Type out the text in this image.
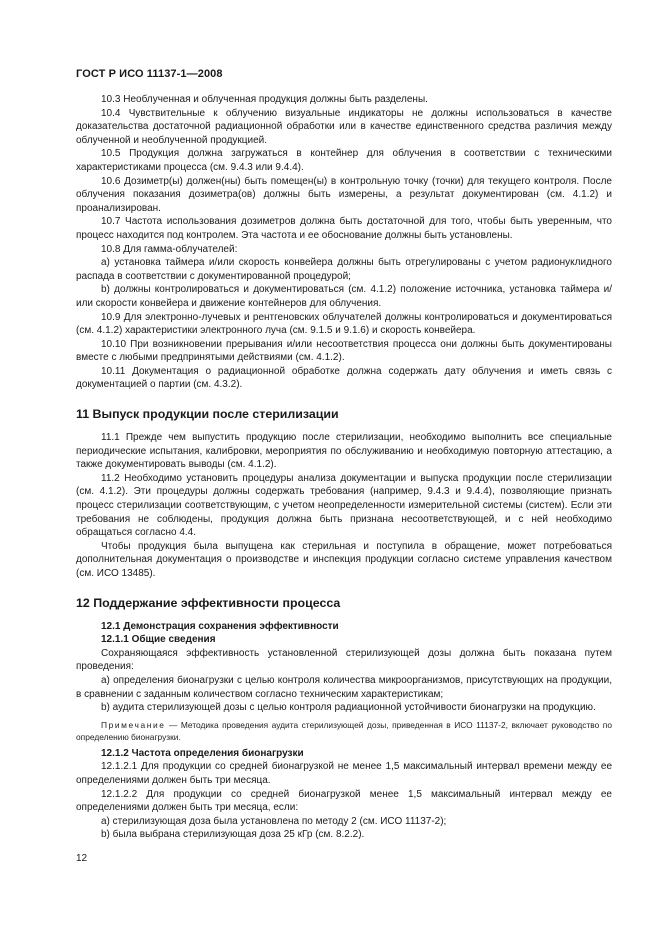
ГОСТ Р ИСО 11137-1—2008

10.3 Необлученная и облученная продукция должны быть разделены.

10.4 Чувствительные к облучению визуальные индикаторы не должны использоваться в качестве доказательства достаточной радиационной обработки или в качестве единственного средства различия между облученной и необлученной продукцией.

10.5 Продукция должна загружаться в контейнер для облучения в соответствии с техническими характеристиками процесса (см. 9.4.3 или 9.4.4).

10.6 Дозиметр(ы) должен(ны) быть помещен(ы) в контрольную точку (точки) для текущего контроля. После облучения показания дозиметра(ов) должны быть измерены, а результат документирован (см. 4.1.2) и проанализирован.

10.7 Частота использования дозиметров должна быть достаточной для того, чтобы быть уверенным, что процесс находится под контролем. Эта частота и ее обоснование должны быть установлены.

10.8 Для гамма-облучателей:

a) установка таймера и/или скорость конвейера должны быть отрегулированы с учетом радионуклидного распада в соответствии с документированной процедурой;

b) должны контролироваться и документироваться (см. 4.1.2) положение источника, установка таймера и/или скорости конвейера и движение контейнеров для облучения.

10.9 Для электронно-лучевых и рентгеновских облучателей должны контролироваться и документироваться (см. 4.1.2) характеристики электронного луча (см. 9.1.5 и 9.1.6) и скорость конвейера.

10.10 При возникновении прерывания и/или несоответствия процесса они должны быть документированы вместе с любыми предпринятыми действиями (см. 4.1.2).

10.11 Документация о радиационной обработке должна содержать дату облучения и иметь связь с документацией о партии (см. 4.3.2).

11 Выпуск продукции после стерилизации

11.1 Прежде чем выпустить продукцию после стерилизации, необходимо выполнить все специальные периодические испытания, калибровки, мероприятия по обслуживанию и необходимую повторную аттестацию, а также документировать выводы (см. 4.1.2).

11.2 Необходимо установить процедуры анализа документации и выпуска продукции после стерилизации (см. 4.1.2). Эти процедуры должны содержать требования (например, 9.4.3 и 9.4.4), позволяющие признать процесс стерилизации соответствующим, с учетом неопределенности измерительной системы (систем). Если эти требования не соблюдены, продукция должна быть признана несоответствующей, и с ней необходимо обращаться согласно 4.4.

Чтобы продукция была выпущена как стерильная и поступила в обращение, может потребоваться дополнительная документация о производстве и инспекция продукции согласно системе управления качеством (см. ИСО 13485).

12 Поддержание эффективности процесса

12.1 Демонстрация сохранения эффективности

12.1.1 Общие сведения

Сохраняющаяся эффективность установленной стерилизующей дозы должна быть показана путем проведения:

a) определения бионагрузки с целью контроля количества микроорганизмов, присутствующих на продукции, в сравнении с заданным количеством согласно техническим характеристикам;

b) аудита стерилизующей дозы с целью контроля радиационной устойчивости бионагрузки на продукцию.

Примечание — Методика проведения аудита стерилизующей дозы, приведенная в ИСО 11137-2, включает руководство по определению бионагрузки.

12.1.2 Частота определения бионагрузки

12.1.2.1 Для продукции со средней бионагрузкой не менее 1,5 максимальный интервал времени между ее определениями должен быть три месяца.

12.1.2.2 Для продукции со средней бионагрузкой менее 1,5 максимальный интервал между ее определениями должен быть три месяца, если:

a) стерилизующая доза была установлена по методу 2 (см. ИСО 11137-2);

b) была выбрана стерилизующая доза 25 кГр (см. 8.2.2).

12
